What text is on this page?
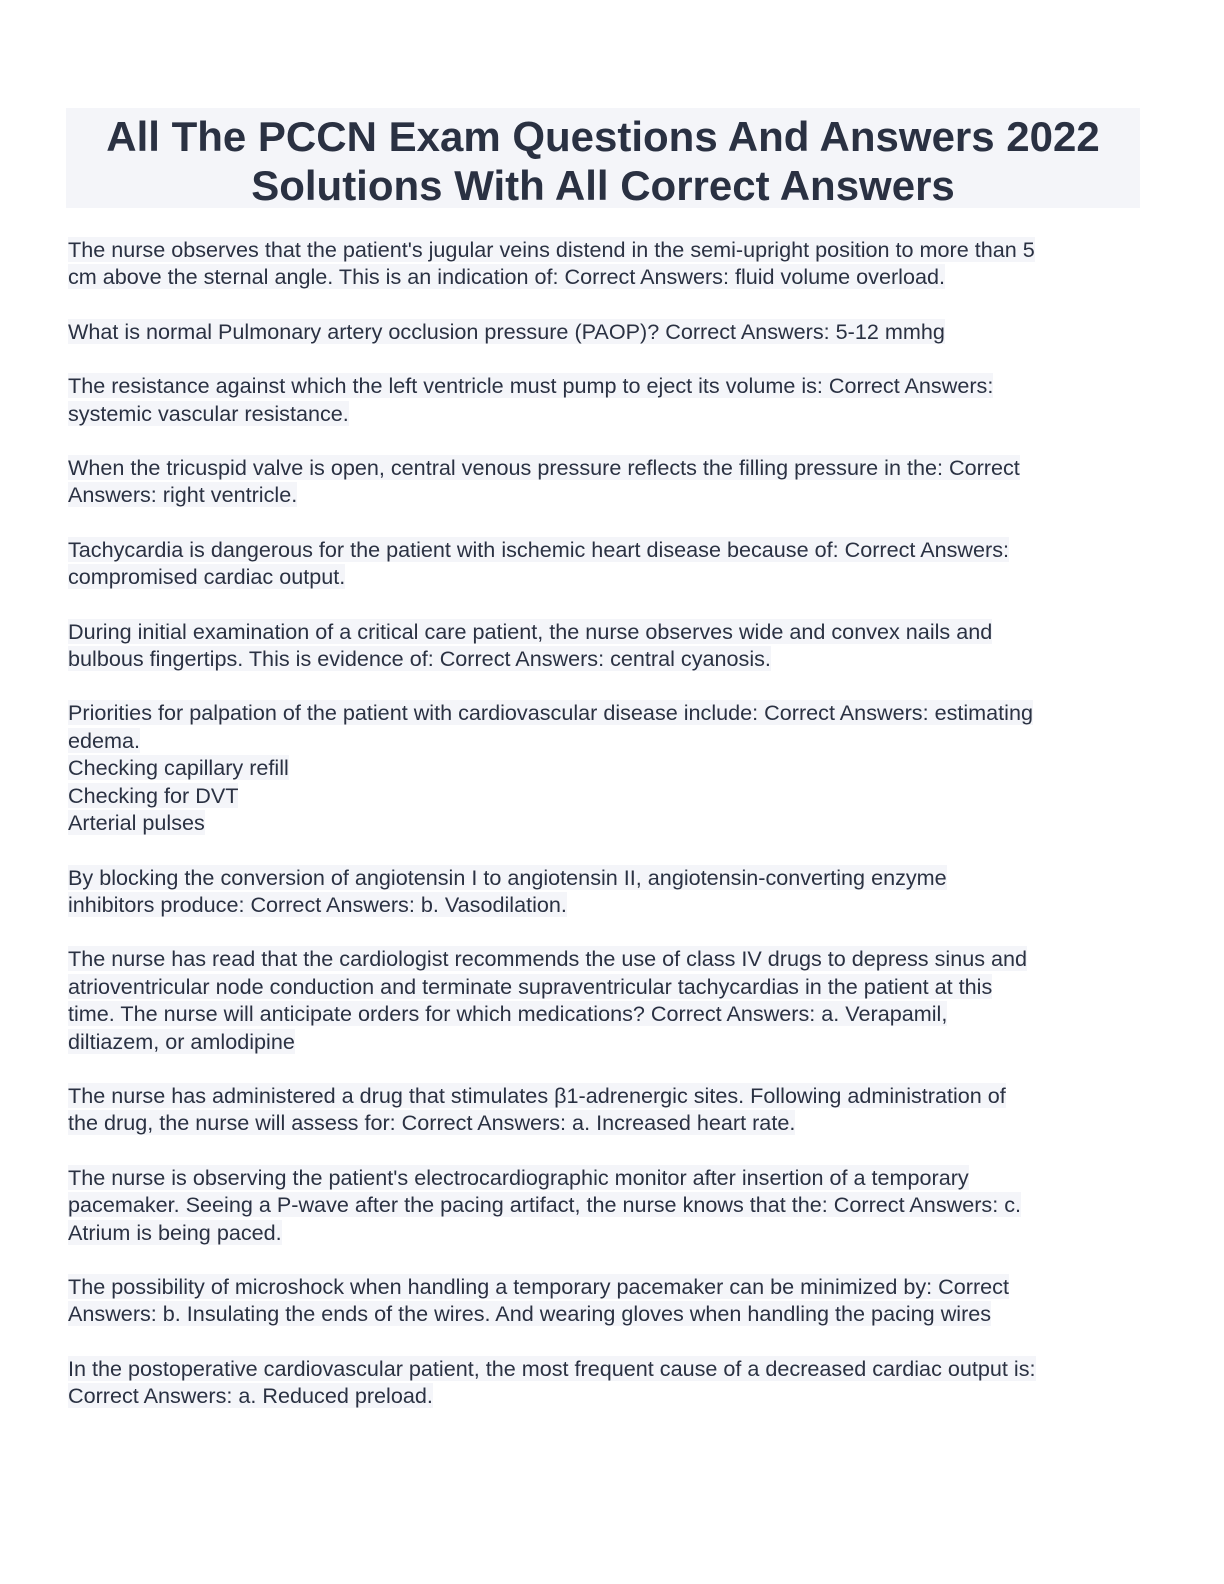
All The PCCN Exam Questions And Answers 2022
Solutions With All Correct Answers
The nurse observes that the patient's jugular veins distend in the semi-upright position to more than 5
cm above the sternal angle. This is an indication of: Correct Answers: fluid volume overload.
What is normal Pulmonary artery occlusion pressure (PAOP)? Correct Answers: 5-12 mmhg
The resistance against which the left ventricle must pump to eject its volume is: Correct Answers:
systemic vascular resistance.
When the tricuspid valve is open, central venous pressure reflects the filling pressure in the: Correct
Answers: right ventricle.
Tachycardia is dangerous for the patient with ischemic heart disease because of: Correct Answers:
compromised cardiac output.
During initial examination of a critical care patient, the nurse observes wide and convex nails and
bulbous fingertips. This is evidence of: Correct Answers: central cyanosis.
Priorities for palpation of the patient with cardiovascular disease include: Correct Answers: estimating
edema.
Checking capillary refill
Checking for DVT
Arterial pulses
By blocking the conversion of angiotensin I to angiotensin II, angiotensin-converting enzyme
inhibitors produce: Correct Answers: b. Vasodilation.
The nurse has read that the cardiologist recommends the use of class IV drugs to depress sinus and
atrioventricular node conduction and terminate supraventricular tachycardias in the patient at this
time. The nurse will anticipate orders for which medications? Correct Answers: a. Verapamil,
diltiazem, or amlodipine
The nurse has administered a drug that stimulates β1-adrenergic sites. Following administration of
the drug, the nurse will assess for: Correct Answers: a. Increased heart rate.
The nurse is observing the patient's electrocardiographic monitor after insertion of a temporary
pacemaker. Seeing a P-wave after the pacing artifact, the nurse knows that the: Correct Answers: c.
Atrium is being paced.
The possibility of microshock when handling a temporary pacemaker can be minimized by: Correct
Answers: b. Insulating the ends of the wires. And wearing gloves when handling the pacing wires
In the postoperative cardiovascular patient, the most frequent cause of a decreased cardiac output is:
Correct Answers: a. Reduced preload.
